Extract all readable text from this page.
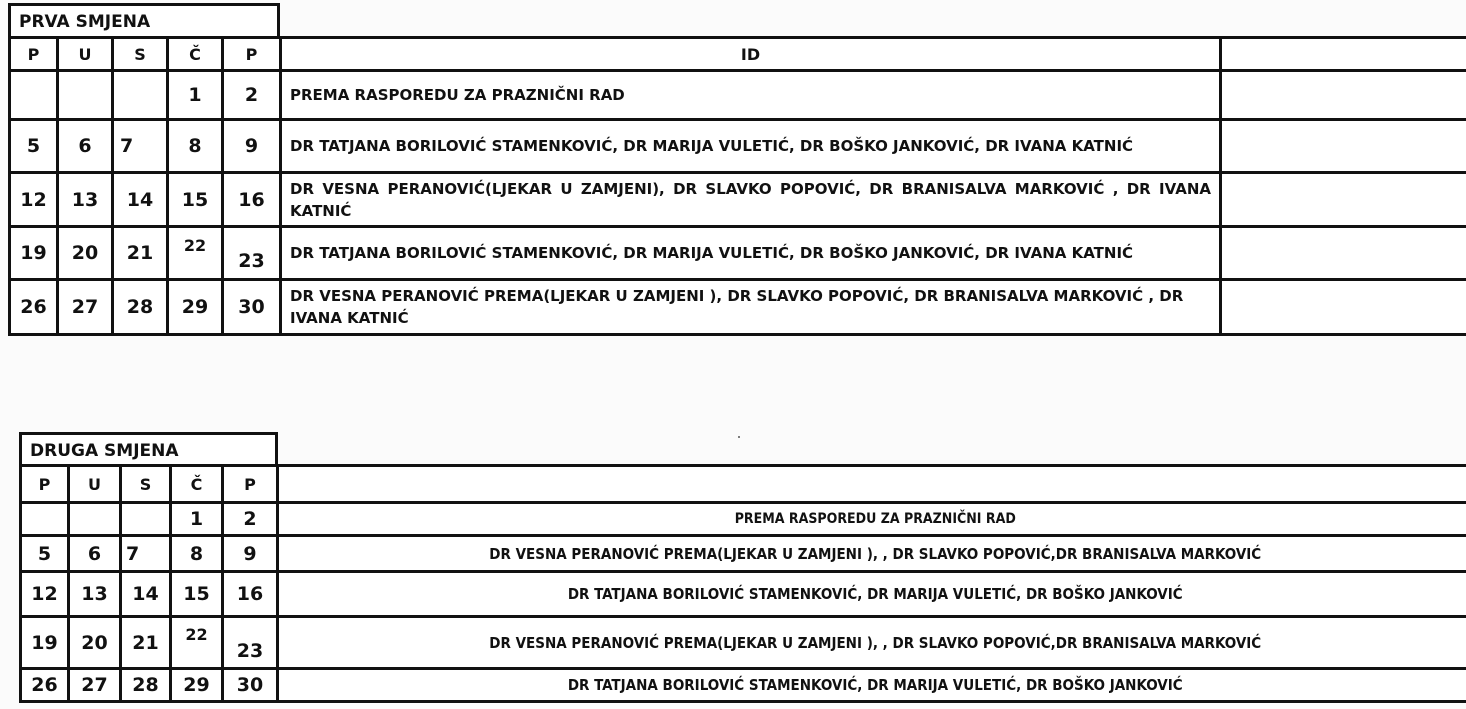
PRVA SMJENA
P	U	S	Č	P	ID	
			1	2	PREMA RASPOREDU ZA PRAZNIČNI RAD	
5	6	7	8	9	DR TATJANA BORILOVIĆ STAMENKOVIĆ, DR MARIJA VULETIĆ, DR BOŠKO JANKOVIĆ, DR IVANA KATNIĆ	
12	13	14	15	16	DR VESNA PERANOVIĆ(LJEKAR U ZAMJENI), DR SLAVKO POPOVIĆ, DR BRANISALVA MARKOVIĆ , DR IVANA KATNIĆ	
19	20	21	22	23	DR TATJANA BORILOVIĆ STAMENKOVIĆ, DR MARIJA VULETIĆ, DR BOŠKO JANKOVIĆ, DR IVANA KATNIĆ	
26	27	28	29	30	DR VESNA PERANOVIĆ PREMA(LJEKAR U ZAMJENI ), DR SLAVKO POPOVIĆ, DR BRANISALVA MARKOVIĆ , DR IVANA KATNIĆ	
DRUGA SMJENA
P	U	S	Č	P	
			1	2	PREMA RASPOREDU ZA PRAZNIČNI RAD
5	6	7	8	9	DR VESNA PERANOVIĆ PREMA(LJEKAR U ZAMJENI ), , DR SLAVKO POPOVIĆ,DR BRANISALVA MARKOVIĆ
12	13	14	15	16	DR TATJANA BORILOVIĆ STAMENKOVIĆ, DR MARIJA VULETIĆ, DR BOŠKO JANKOVIĆ
19	20	21	22	23	DR VESNA PERANOVIĆ PREMA(LJEKAR U ZAMJENI ), , DR SLAVKO POPOVIĆ,DR BRANISALVA MARKOVIĆ
26	27	28	29	30	DR TATJANA BORILOVIĆ STAMENKOVIĆ, DR MARIJA VULETIĆ, DR BOŠKO JANKOVIĆ
